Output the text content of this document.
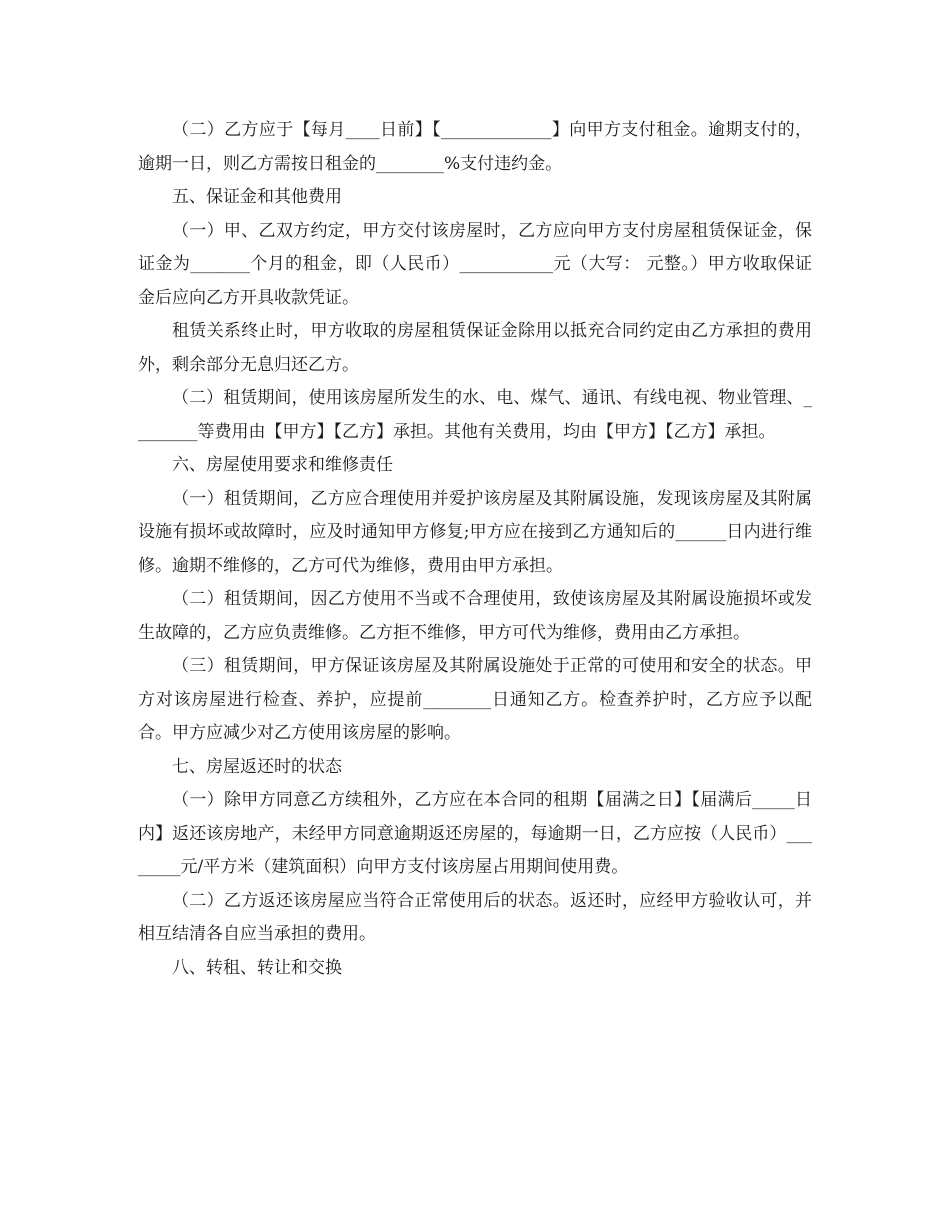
（二）乙方应于【每月____日前】【_____________】向甲方支付租金。逾期支付的， 逾期一日，则乙方需按日租金的________%支付违约金。

五、保证金和其他费用

（一）甲、乙双方约定，甲方交付该房屋时，乙方应向甲方支付房屋租赁保证金，保证金为_______个月的租金，即（人民币）___________元（大写： 元整。）甲方收取保证金后应向乙方开具收款凭证。

租赁关系终止时，甲方收取的房屋租赁保证金除用以抵充合同约定由乙方承担的费用外，剩余部分无息归还乙方。

（二）租赁期间，使用该房屋所发生的水、电、煤气、通讯、有线电视、物业管理、________等费用由【甲方】【乙方】承担。其他有关费用，均由【甲方】【乙方】承担。

六、房屋使用要求和维修责任

（一）租赁期间，乙方应合理使用并爱护该房屋及其附属设施，发现该房屋及其附属设施有损坏或故障时，应及时通知甲方修复;甲方应在接到乙方通知后的______日内进行维修。逾期不维修的，乙方可代为维修，费用由甲方承担。

（二）租赁期间，因乙方使用不当或不合理使用，致使该房屋及其附属设施损坏或发生故障的，乙方应负责维修。乙方拒不维修，甲方可代为维修，费用由乙方承担。

（三）租赁期间，甲方保证该房屋及其附属设施处于正常的可使用和安全的状态。甲方对该房屋进行检查、养护，应提前________日通知乙方。检查养护时，乙方应予以配合。甲方应减少对乙方使用该房屋的影响。

七、房屋返还时的状态

（一）除甲方同意乙方续租外，乙方应在本合同的租期【届满之日】【届满后_____日内】返还该房地产，未经甲方同意逾期返还房屋的，每逾期一日，乙方应按（人民币）________元/平方米（建筑面积）向甲方支付该房屋占用期间使用费。

（二）乙方返还该房屋应当符合正常使用后的状态。返还时，应经甲方验收认可，并相互结清各自应当承担的费用。

八、转租、转让和交换
